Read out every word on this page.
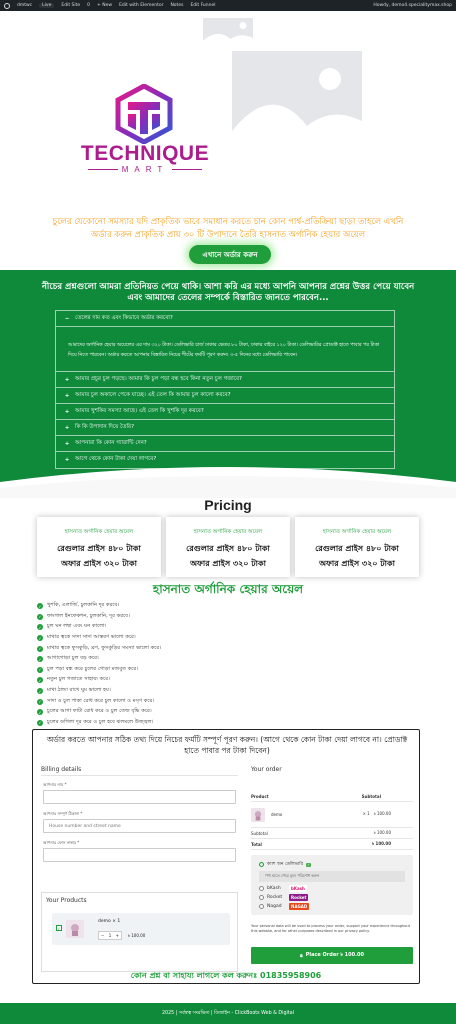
dmtwc	Live	Edit Site 0 + New Edit with Elementor Notes Edit Funnel	Howdy, demo4.specialitymax.shop
TECHNIQUE
MART
চুলের যেকোনো সমস্যার যদি প্রাকৃতিক ভাবে সমাধান করতে চান কোন পার্শ্ব-প্রতিক্রিয়া ছাড়া তাহলে এখনি অর্ডার করুন প্রাকৃতিক প্রায় ৩০ টি উপাদানে তৈরি হাসনাত অর্গানিক হেয়ার অয়েল
এখানে অর্ডার করুন
নীচের প্রশ্নগুলো আমরা প্রতিনিয়ত পেয়ে থাকি। আশা করি এর মধ্যে আপনি আপনার প্রশ্নের উত্তর পেয়ে যাবেন এবং আমাদের তেলের সম্পর্কে বিস্তারিত জানতে পারবেন...
− তেলের দাম কত এবং কিভাবে অর্ডার করবো?
আমাদের অর্গানিক হেয়ার অয়েলের এর দাম ৩২০ টাকা। ডেলিভারি চার্জ ঢাকার ভেতর ৮০ টাকা, ঢাকার বাইরে ১২০ টাকা। ডেলিভারির প্রোডাক্ট হাতে পাবার পর টাকা দিয়ে নিতে পারবেন। অর্ডার করতে আপনার বিস্তারিত নিচের শীটের ফর্মটি পূরণ করুন। ৩-৫ দিনের মধ্যে ডেলিভারি পাবেন।
+ আমার প্রচুর চুল পড়ছে। আমার কি চুল পড়া বন্ধ হবে কিনা নতুন চুল গজাবে?
+ আমার চুল অকালে পেকে যাচ্ছে। এই তেল কি আমার চুল কালো করবে?
+ আমার খুশকির সমস্যা আছে। এই তেল কি খুশকি দূর করবে?
+ কি কি উপাদান দিয়ে তৈরি?
+ আপনারা কি কোন গ্যারান্টি দেন?
+ আগে থেকে কোন টাকা দেয়া লাগবে?
Pricing
হাসনাত অর্গানিক হেয়ার অয়েল
রেগুলার প্রাইস ৪৮০ টাকা
অফার প্রাইস ৩২০ টাকা
হাসনাত অর্গানিক হেয়ার অয়েল
রেগুলার প্রাইস ৪৮০ টাকা
অফার প্রাইস ৩২০ টাকা
হাসনাত অর্গানিক হেয়ার অয়েল
রেগুলার প্রাইস ৪৮০ টাকা
অফার প্রাইস ৩২০ টাকা
হাসনাত অর্গানিক হেয়ার অয়েল
✓ খুশকি, এলার্জি, চুলকানি দূর করবে।
✓ ফাংগাল ইনফেকশন, চুলকানি, দূর করবে।
✓ চুল ঘন লম্বা এবং ঘন কালো।
✓ মাথার ত্বকে সাদা সাদা আস্তরণ ভালো করে।
✓ মাথার ত্বকে ফুসকুড়ি, ব্রণ, ফুসকুড়ির সমস্যা ভালো করে।
✓ আগাগোড়া চুল বড় করে।
✓ চুল পড়া বন্ধ করে চুলের গোড়া মজবুত করে।
✓ নতুন চুল গজাতে সাহায্য করে।
✓ মাথা ঠান্ডা রাখে ঘুম ভালো হয়।
✓ সাদা ও চুল পাকা রোধ করে চুল কালো ও মসৃণ করে।
✓ চুলের আগা ফাটা রোধ করে ও চুল তেজ বৃদ্ধি করে।
✓ চুলের ডগিলা দূর করে ও চুল হবে ঝলমলে উজ্জ্বল।
অর্ডার করতে আপনার সঠিক তথ্য দিয়ে নিচের ফর্মটি সম্পূর্ণ পূরণ করুন। (আগে থেকে কোন টাকা দেয়া লাগবে না। প্রোডাক্ট হাতে পাবার পর টাকা দিবেন)
Billing details
আপনার নাম *
আপনার সম্পূর্ণ ঠিকানা *
House number and street name
আপনার ফোন নাম্বার *
Your Products
✓
demo × 1
− 1 + ৳ 100.00
Your order
Product	Subtotal
demo	× 1 ৳ 100.00
Subtotal	৳ 100.00
Total	৳ 100.00
ক্যাশ অন ডেলিভারি ✓
পণ্য হাতে পেয়ে মূল্য পরিশোধ করুন
bKash	bKash
Rocket	Rocket
Nagad	NAGAD
Your personal data will be used to process your order, support your experience throughout this website, and for other purposes described in our privacy policy.
🔒︎ Place Order ৳ 100.00
কোন প্রশ্ন বা সাহায্য লাগলে কল করুনঃ 01835958906
2025 | সর্বস্বত্ব সংরক্ষিত | ডিজাইন - ClickBoots Web & Digital
